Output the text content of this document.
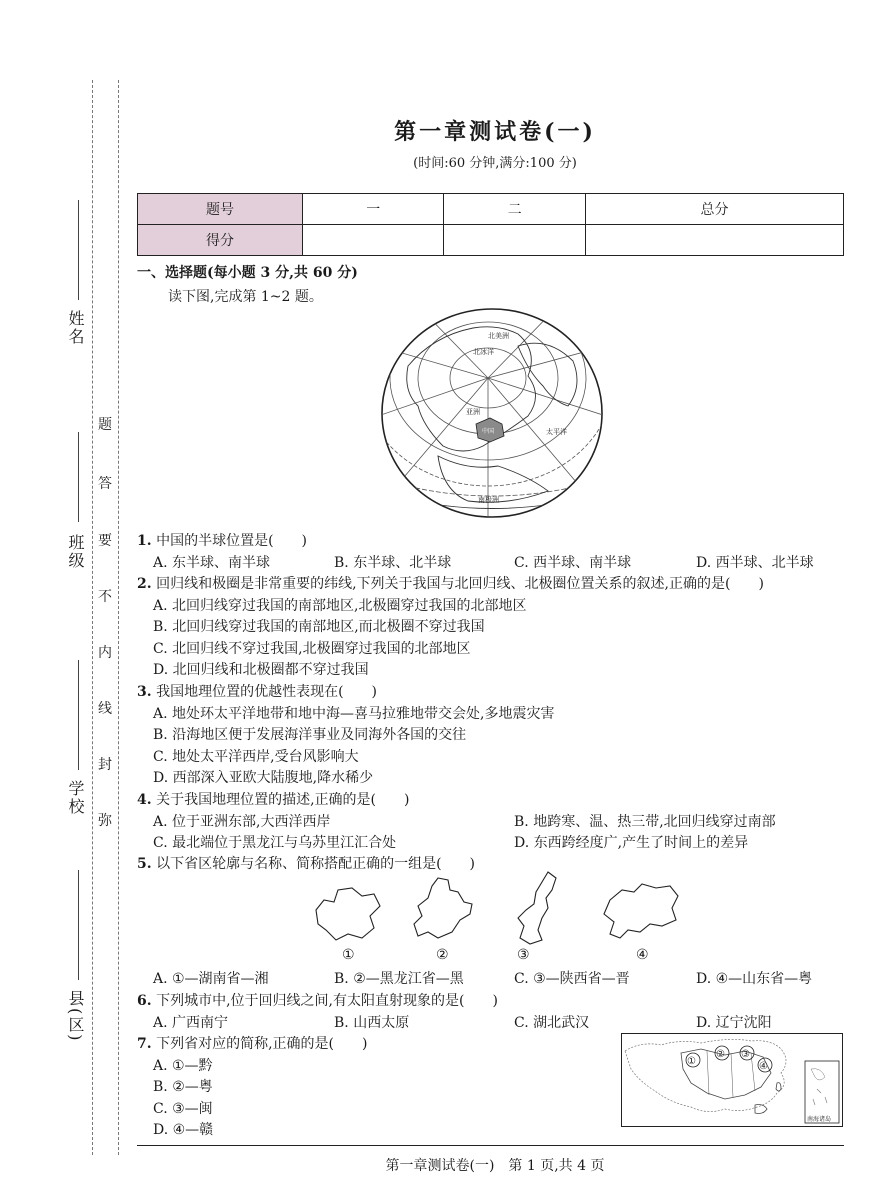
姓名
班级
学校
县(区)
题
答
要
不
内
线
封
弥
第一章测试卷(一)
(时间:60 分钟,满分:100 分)
题号	一	二	总分
得分			
一、选择题(每小题 3 分,共 60 分)
读下图,完成第 1~2 题。
北冰洋
北美洲
亚洲
中国
南极洲
太平洋
1. 中国的半球位置是(　　)
A. 东半球、南半球	B. 东半球、北半球	C. 西半球、南半球	D. 西半球、北半球
2. 回归线和极圈是非常重要的纬线,下列关于我国与北回归线、北极圈位置关系的叙述,正确的是(　　)
A. 北回归线穿过我国的南部地区,北极圈穿过我国的北部地区
B. 北回归线穿过我国的南部地区,而北极圈不穿过我国
C. 北回归线不穿过我国,北极圈穿过我国的北部地区
D. 北回归线和北极圈都不穿过我国
3. 我国地理位置的优越性表现在(　　)
A. 地处环太平洋地带和地中海—喜马拉雅地带交会处,多地震灾害
B. 沿海地区便于发展海洋事业及同海外各国的交往
C. 地处太平洋西岸,受台风影响大
D. 西部深入亚欧大陆腹地,降水稀少
4. 关于我国地理位置的描述,正确的是(　　)
A. 位于亚洲东部,大西洋西岸	B. 地跨寒、温、热三带,北回归线穿过南部
C. 最北端位于黑龙江与乌苏里江汇合处	D. 东西跨经度广,产生了时间上的差异
5. 以下省区轮廓与名称、简称搭配正确的一组是(　　)
①	②	③	④
A. ①—湖南省—湘	B. ②—黑龙江省—黑	C. ③—陕西省—晋	D. ④—山东省—粤
6. 下列城市中,位于回归线之间,有太阳直射现象的是(　　)
A. 广西南宁	B. 山西太原	C. 湖北武汉	D. 辽宁沈阳
7. 下列省对应的简称,正确的是(　　)
A. ①—黔
B. ②—粤
C. ③—闽
D. ④—赣
①
② ③
④
南海诸岛
第一章测试卷(一)　第 1 页,共 4 页
